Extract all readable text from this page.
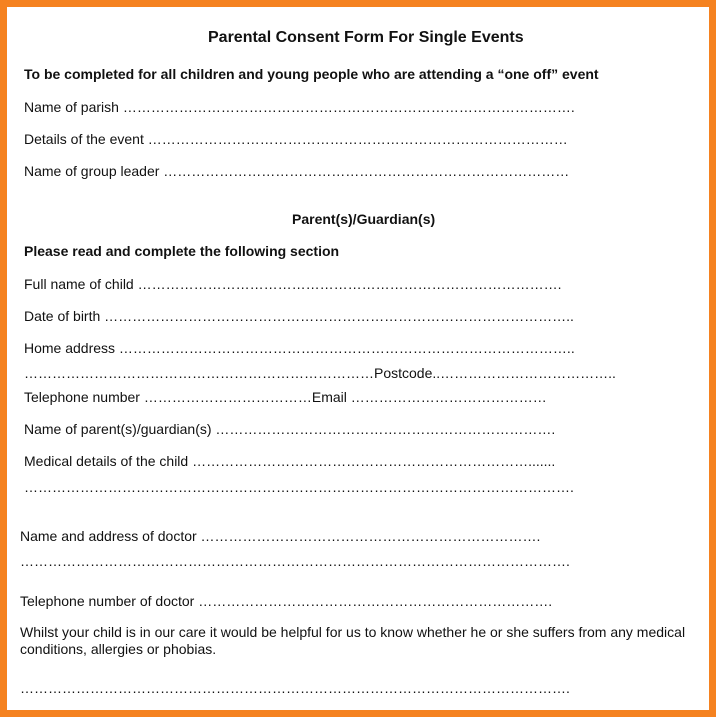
Parental Consent Form For Single Events
To be completed for all children and young people who are attending a “one off” event
Name of parish …………………………………………………………………………………….
Details of the event ………………………………………………………………………………
Name of group leader ……………………………………………………………………………
Parent(s)/Guardian(s)
Please read and complete the following section
Full name of child ……………………………………………………………………………….
Date of birth ………………………………………………………………………………………..
Home address ……………………………………………………………………………………..
…………………………………………………………………Postcode..………………………………..
Telephone number ………………………………Email ……………………………………
Name of parent(s)/guardian(s) ……………………………………………………………….
Medical details of the child ……………………………………………………………….......
……………………………………………………………………………………………………….
Name and address of doctor ……………………………………………………………….
……………………………………………………………………………………………………….
Telephone number of doctor ………………………………………………………………….
Whilst your child is in our care it would be helpful for us to know whether he or she suffers from any medical conditions, allergies or phobias.
……………………………………………………………………………………………………….
